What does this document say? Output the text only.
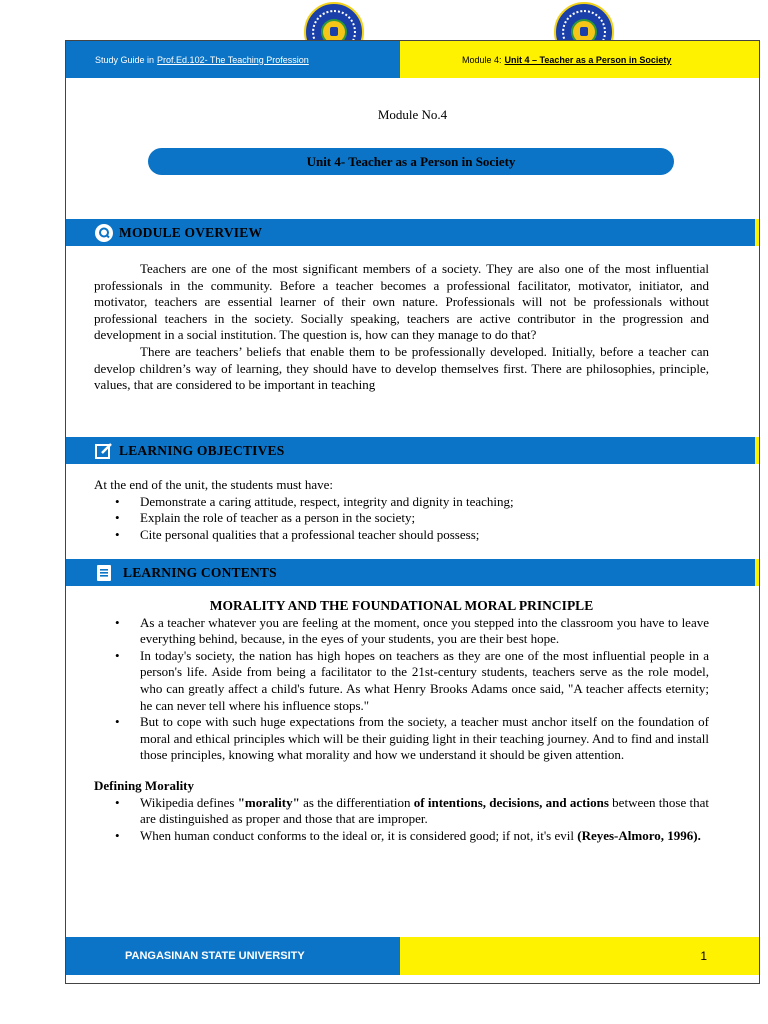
Study Guide in Prof.Ed.102- The Teaching Profession	Module 4: Unit 4 – Teacher as a Person in Society
Module No.4
Unit 4- Teacher as a Person in Society
MODULE OVERVIEW

Teachers are one of the most significant members of a society. They are also one of the most influential professionals in the community. Before a teacher becomes a professional facilitator, motivator, initiator, and motivator, teachers are essential learner of their own nature. Professionals will not be professionals without professional teachers in the society. Socially speaking, teachers are active contributor in the progression and development in a social institution. The question is, how can they manage to do that?

There are teachers’ beliefs that enable them to be professionally developed. Initially, before a teacher can develop children’s way of learning, they should have to develop themselves first. There are philosophies, principle, values, that are considered to be important in teaching

LEARNING OBJECTIVES

At the end of the unit, the students must have:

• Demonstrate a caring attitude, respect, integrity and dignity in teaching;
• Explain the role of teacher as a person in the society;
• Cite personal qualities that a professional teacher should possess;
LEARNING CONTENTS

MORALITY AND THE FOUNDATIONAL MORAL PRINCIPLE

• As a teacher whatever you are feeling at the moment, once you stepped into the classroom you have to leave everything behind, because, in the eyes of your students, you are their best hope.
• In today's society, the nation has high hopes on teachers as they are one of the most influential people in a person's life. Aside from being a facilitator to the 21st-century students, teachers serve as the role model, who can greatly affect a child's future. As what Henry Brooks Adams once said, "A teacher affects eternity; he can never tell where his influence stops."
• But to cope with such huge expectations from the society, a teacher must anchor itself on the foundation of moral and ethical principles which will be their guiding light in their teaching journey. And to find and install those principles, knowing what morality and how we understand it should be given attention.

Defining Morality

• Wikipedia defines "morality" as the differentiation of intentions, decisions, and actions between those that are distinguished as proper and those that are improper.
• When human conduct conforms to the ideal or, it is considered good; if not, it's evil (Reyes-Almoro, 1996).
PANGASINAN STATE UNIVERSITY	1
